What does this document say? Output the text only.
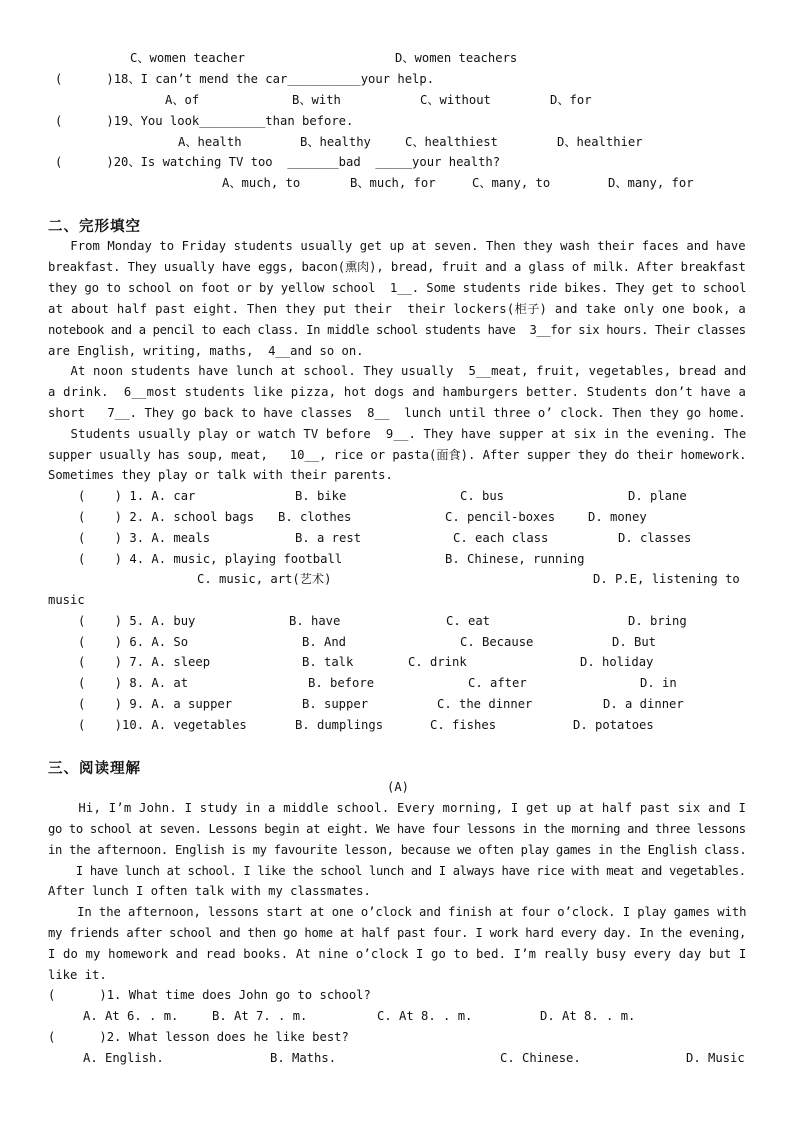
C、women teacher	D、women teachers
(      )18、I can’t mend the car__________your help.
A、of	B、with	C、without	D、for
(      )19、You look_________than before.
A、health	B、healthy	C、healthiest	D、healthier
(      )20、Is watching TV too  _______bad  _____your health?
A、much, to	B、much, for	C、many, to	D、many, for
二、完形填空
From Monday to Friday students usually get up at seven. Then they wash their faces and have
breakfast. They usually have eggs, bacon(熏肉), bread, fruit and a glass of milk. After breakfast
they go to school on foot or by yellow school  1__. Some students ride bikes. They get to school
at about half past eight. Then they put their  their lockers(柜子) and take only one book, a
notebook and a pencil to each class. In middle school students have  3__for six hours. Their classes
are English, writing, maths,  4__and so on.
At noon students have lunch at school. They usually  5__meat, fruit, vegetables, bread and
a drink.  6__most students like pizza, hot dogs and hamburgers better. Students don’t have a
short   7__. They go back to have classes  8__  lunch until three o’ clock. Then they go home.
Students usually play or watch TV before  9__. They have supper at six in the evening. The
supper usually has soup, meat,   10__, rice or pasta(面食). After supper they do their homework.
Sometimes they play or talk with their parents.
(    ) 1. A. car	B. bike	C. bus	D. plane
(    ) 2. A. school bags B. clothes	C. pencil-boxes	D. money
(    ) 3. A. meals	B. a rest	C. each class	D. classes
(    ) 4. A. music, playing football	B. Chinese, running
C. music, art(艺术)	D. P.E, listening to
music
(    ) 5. A. buy	B. have	C. eat	D. bring
(    ) 6. A. So	B. And	C. Because	D. But
(    ) 7. A. sleep	B. talk	C. drink	D. holiday
(    ) 8. A. at	B. before	C. after	D. in
(    ) 9. A. a supper	B. supper	C. the dinner	D. a dinner
(    )10. A. vegetables	B. dumplings	C. fishes	D. potatoes
三、阅读理解
(A)
Hi, I’m John. I study in a middle school. Every morning, I get up at half past six and I
go to school at seven. Lessons begin at eight. We have four lessons in the morning and three lessons
in the afternoon. English is my favourite lesson, because we often play games in the English class.
I have lunch at school. I like the school lunch and I always have rice with meat and vegetables.
After lunch I often talk with my classmates.
In the afternoon, lessons start at one o’clock and finish at four o’clock. I play games with
my friends after school and then go home at half past four. I work hard every day. In the evening,
I do my homework and read books. At nine o’clock I go to bed. I’m really busy every day but I
like it.
(      )1. What time does John go to school?
A. At 6. . m.	B. At 7. . m.	C. At 8. . m.	D. At 8. . m.
(      )2. What lesson does he like best?
A. English.	B. Maths.	C. Chinese.	D. Music
